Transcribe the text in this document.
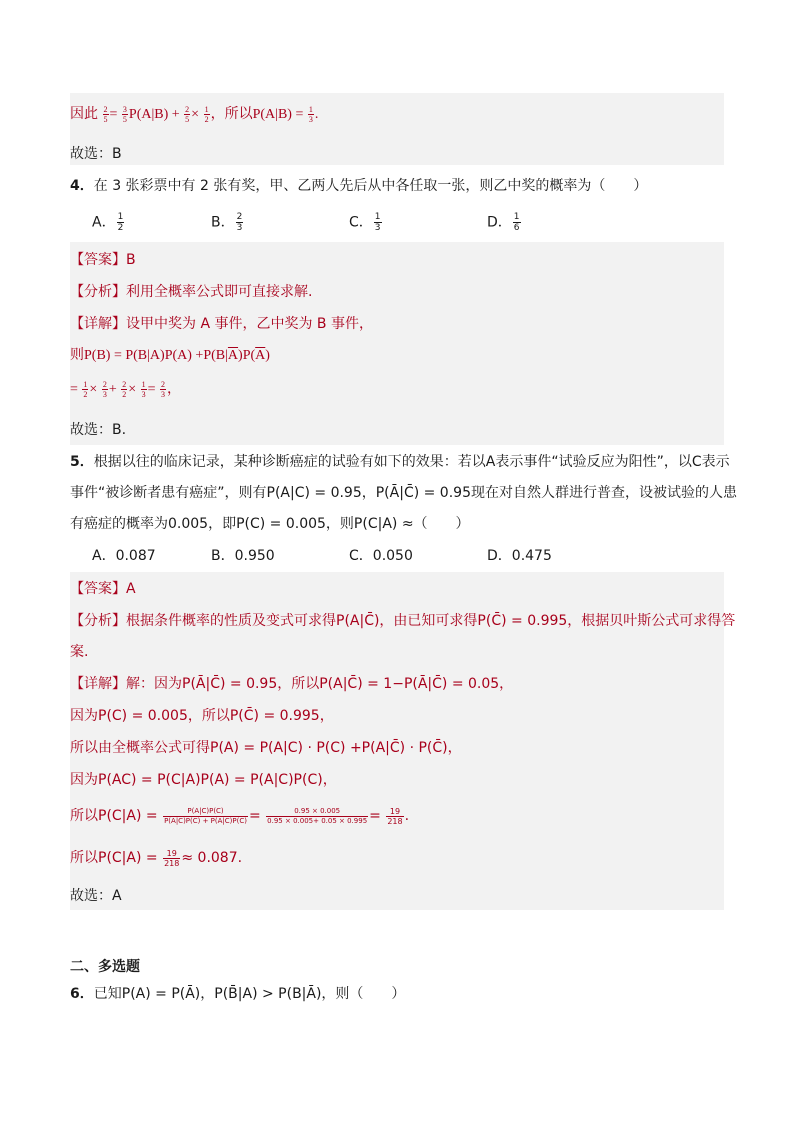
因此 $\frac{2}{5} = \frac{3}{5} P(A|B) + \frac{2}{5} \times \frac{1}{2}$ ，所以$P(A|B) = \frac{1}{3}$ .
故选：B
4．在 3 张彩票中有 2 张有奖，甲、乙两人先后从中各任取一张，则乙中奖的概率为（　　）
A． $\frac{1}{2}$	B． $\frac{2}{3}$	C． $\frac{1}{3}$	D． $\frac{1}{6}$
【答案】B
【分析】利用全概率公式即可直接求解.
【详解】设甲中奖为 A 事件，乙中奖为 B 事件，
则$P(B) = P(B|A)P(A) +P(B|\overline{A})P(\overline{A})$
= $\frac{1}{2} \times \frac{2}{3} + \frac{2}{2} \times \frac{1}{3} = \frac{2}{3}$ ，
故选：B.
5．根据以往的临床记录，某种诊断癌症的试验有如下的效果：若以A表示事件“试验反应为阳性”，以C表示
事件“被诊断者患有癌症”，则有P(A|C) = 0.95，P(Ā|C̄) = 0.95现在对自然人群进行普查，设被试验的人患
有癌症的概率为0.005，即P(C) = 0.005，则P(C|A) ≈（　　）
A．0.087	B．0.950	C．0.050	D．0.475
【答案】A
【分析】根据条件概率的性质及变式可求得P(A|C̄)，由已知可求得P(C̄) = 0.995，根据贝叶斯公式可求得答
案.
【详解】解：因为P(Ā|C̄) = 0.95，所以P(A|C̄) = 1−P(Ā|C̄) = 0.05，
因为P(C) = 0.005，所以P(C̄) = 0.995，
所以由全概率公式可得P(A) = P(A|C) · P(C) +P(A|C̄) · P(C̄)，
因为P(AC) = P(C|A)P(A) = P(A|C)P(C)，
所以$P(C|A) = \frac{P(A|C)P(C)}{P(A|C)P(C) + P(A|C̄)P(C̄)} = \frac{0.95 \times 0.005}{0.95 \times 0.005+ 0.05 \times 0.995} = \frac{19}{218}$ .
所以$P(C|A) = \frac{19}{218} \approx 0.087$.
故选：A
二、多选题
6．已知P(A) = P(Ā)，P(B̄|A) > P(B|Ā)，则（　　）
